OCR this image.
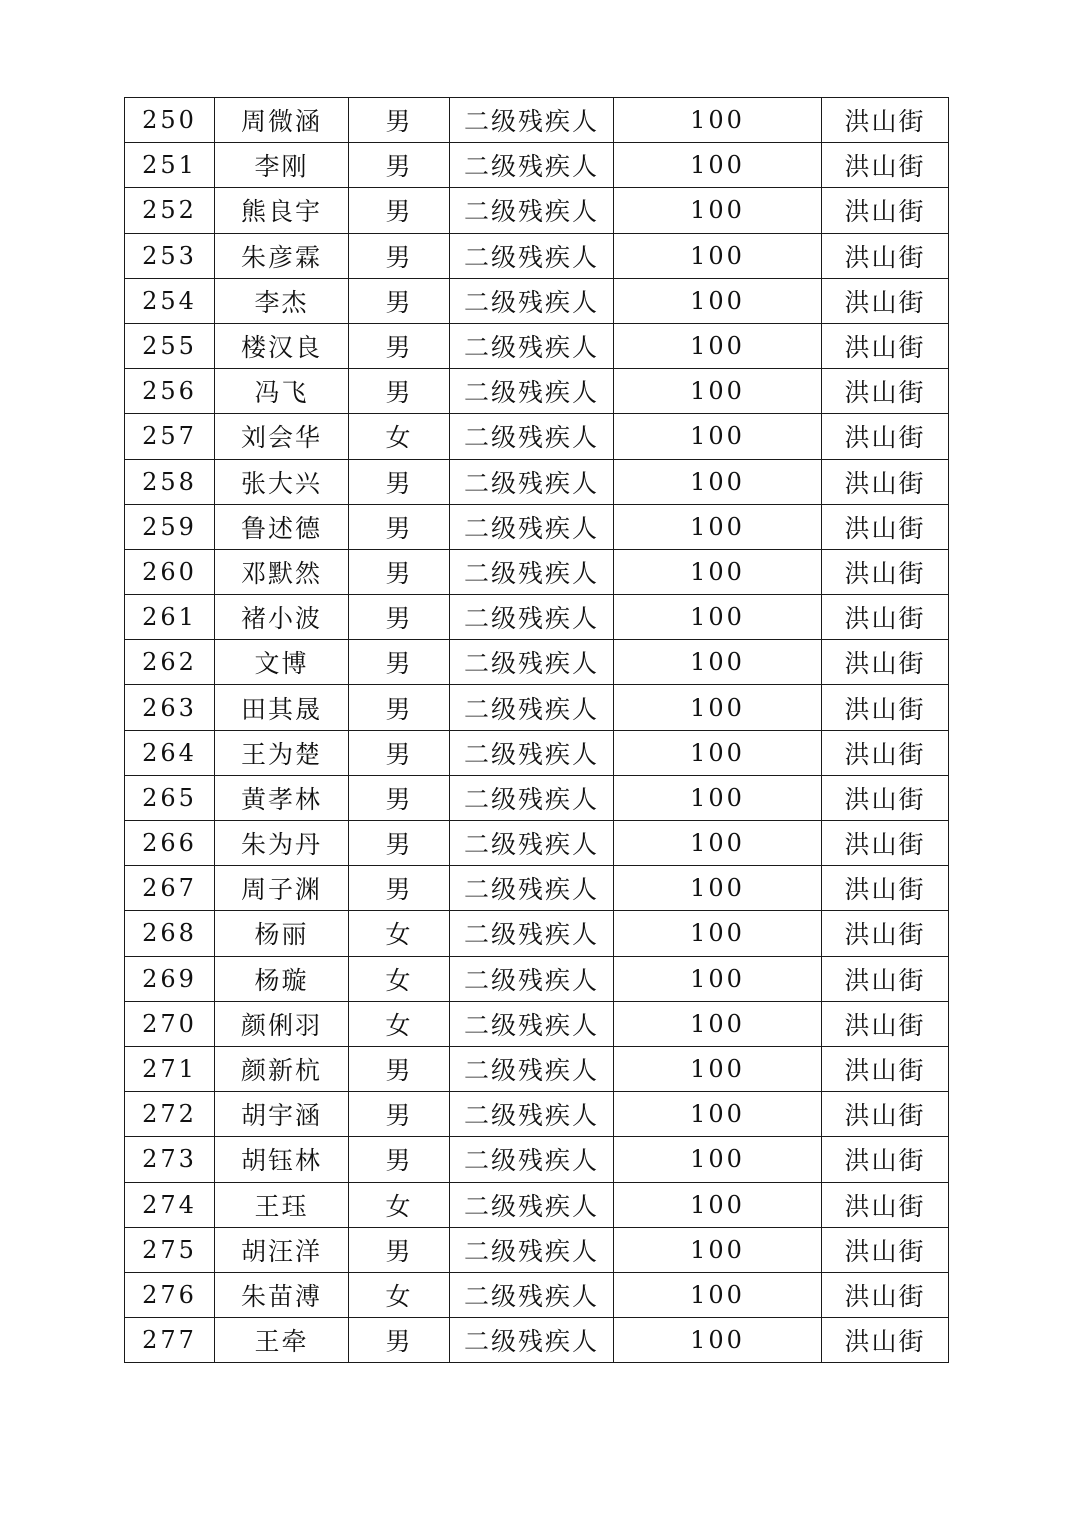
250	周微涵	男	二级残疾人	100	洪山街
251	李刚	男	二级残疾人	100	洪山街
252	熊良宇	男	二级残疾人	100	洪山街
253	朱彦霖	男	二级残疾人	100	洪山街
254	李杰	男	二级残疾人	100	洪山街
255	楼汉良	男	二级残疾人	100	洪山街
256	冯飞	男	二级残疾人	100	洪山街
257	刘会华	女	二级残疾人	100	洪山街
258	张大兴	男	二级残疾人	100	洪山街
259	鲁述德	男	二级残疾人	100	洪山街
260	邓默然	男	二级残疾人	100	洪山街
261	褚小波	男	二级残疾人	100	洪山街
262	文博	男	二级残疾人	100	洪山街
263	田其晟	男	二级残疾人	100	洪山街
264	王为楚	男	二级残疾人	100	洪山街
265	黄孝林	男	二级残疾人	100	洪山街
266	朱为丹	男	二级残疾人	100	洪山街
267	周子渊	男	二级残疾人	100	洪山街
268	杨丽	女	二级残疾人	100	洪山街
269	杨璇	女	二级残疾人	100	洪山街
270	颜俐羽	女	二级残疾人	100	洪山街
271	颜新杭	男	二级残疾人	100	洪山街
272	胡宇涵	男	二级残疾人	100	洪山街
273	胡钰林	男	二级残疾人	100	洪山街
274	王珏	女	二级残疾人	100	洪山街
275	胡汪洋	男	二级残疾人	100	洪山街
276	朱苗溥	女	二级残疾人	100	洪山街
277	王牵	男	二级残疾人	100	洪山街
